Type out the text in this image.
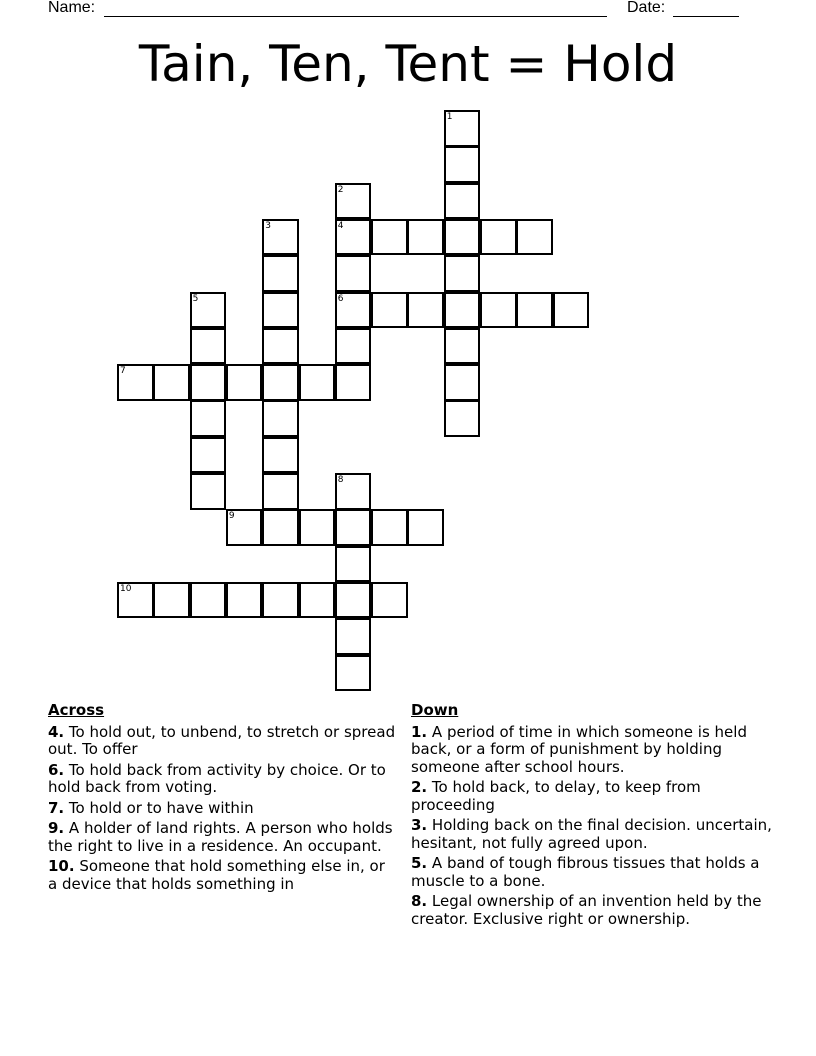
Name:	Date:
Tain, Ten, Tent = Hold
1
2
4
6
3
5
7
8
9
10
Across
4. To hold out, to unbend, to stretch or spread out. To offer
6. To hold back from activity by choice. Or to hold back from voting.
7. To hold or to have within
9. A holder of land rights. A person who holds the right to live in a residence. An occupant.
10. Someone that hold something else in, or a device that holds something in
Down
1. A period of time in which someone is held back, or a form of punishment by holding someone after school hours.
2. To hold back, to delay, to keep from proceeding
3. Holding back on the final decision. uncertain, hesitant, not fully agreed upon.
5. A band of tough fibrous tissues that holds a muscle to a bone.
8. Legal ownership of an invention held by the creator. Exclusive right or ownership.
